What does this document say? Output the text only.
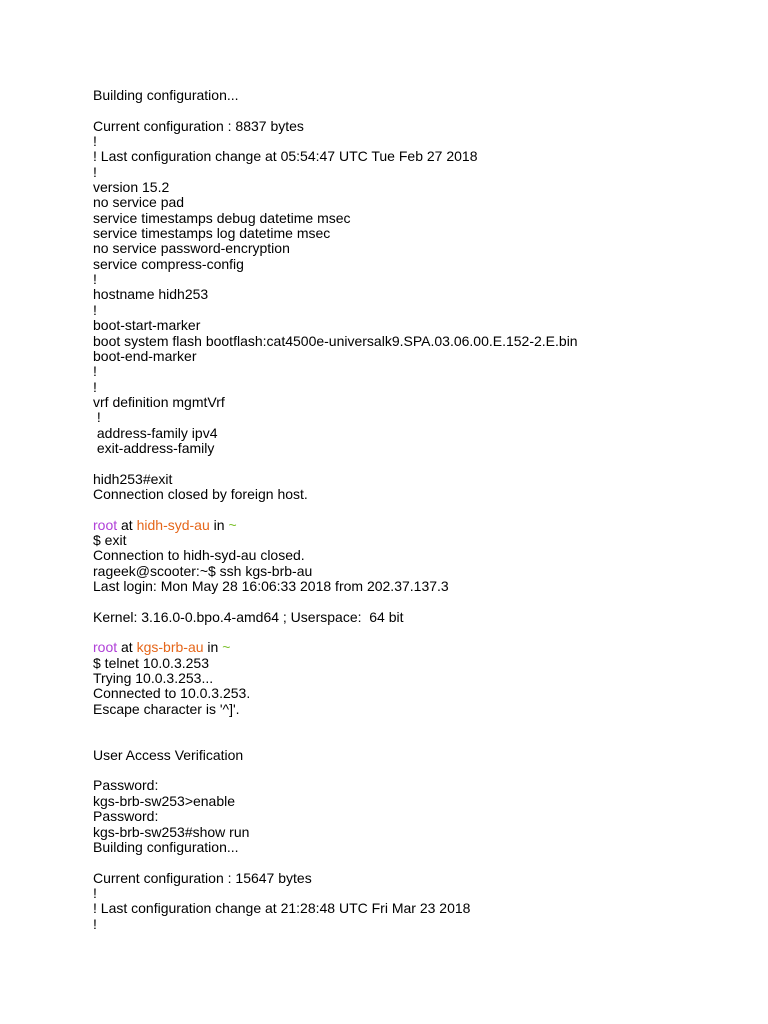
Building configuration...
Current configuration : 8837 bytes
!
! Last configuration change at 05:54:47 UTC Tue Feb 27 2018
!
version 15.2
no service pad
service timestamps debug datetime msec
service timestamps log datetime msec
no service password-encryption
service compress-config
!
hostname hidh253
!
boot-start-marker
boot system flash bootflash:cat4500e-universalk9.SPA.03.06.00.E.152-2.E.bin
boot-end-marker
!
!
vrf definition mgmtVrf
!
address-family ipv4
exit-address-family
hidh253#exit
Connection closed by foreign host.
root at hidh-syd-au in ~
$ exit
Connection to hidh-syd-au closed.
rageek@scooter:~$ ssh kgs-brb-au
Last login: Mon May 28 16:06:33 2018 from 202.37.137.3
Kernel: 3.16.0-0.bpo.4-amd64 ; Userspace:  64 bit
root at kgs-brb-au in ~
$ telnet 10.0.3.253
Trying 10.0.3.253...
Connected to 10.0.3.253.
Escape character is '^]'.
User Access Verification
Password:
kgs-brb-sw253>enable
Password:
kgs-brb-sw253#show run
Building configuration...
Current configuration : 15647 bytes
!
! Last configuration change at 21:28:48 UTC Fri Mar 23 2018
!
